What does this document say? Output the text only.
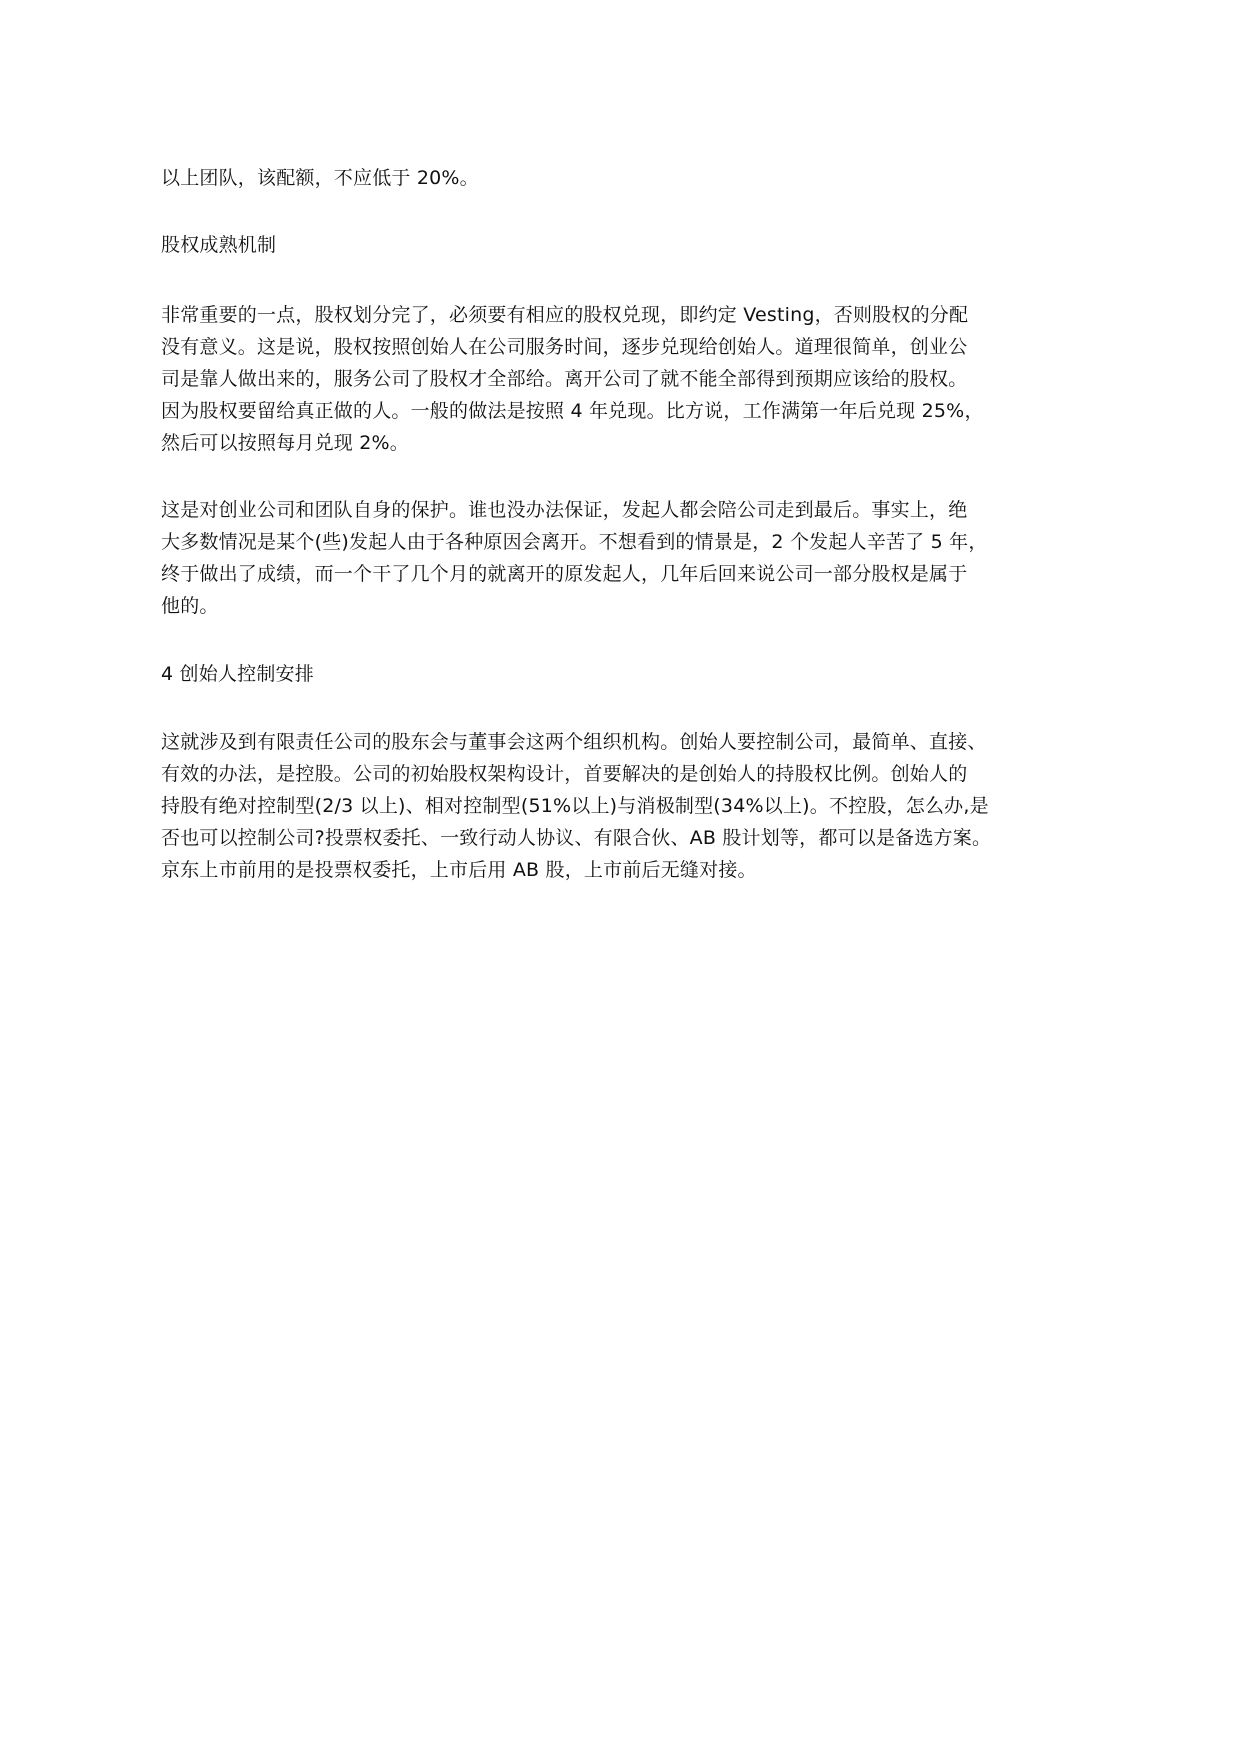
以上团队，该配额，不应低于 20%。

股权成熟机制

非常重要的一点，股权划分完了，必须要有相应的股权兑现，即约定 Vesting，否则股权的分配
没有意义。这是说，股权按照创始人在公司服务时间，逐步兑现给创始人。道理很简单，创业公
司是靠人做出来的，服务公司了股权才全部给。离开公司了就不能全部得到预期应该给的股权。
因为股权要留给真正做的人。一般的做法是按照 4 年兑现。比方说，工作满第一年后兑现 25%，
然后可以按照每月兑现 2%。

这是对创业公司和团队自身的保护。谁也没办法保证，发起人都会陪公司走到最后。事实上，绝
大多数情况是某个(些)发起人由于各种原因会离开。不想看到的情景是，2 个发起人辛苦了 5 年，
终于做出了成绩，而一个干了几个月的就离开的原发起人，几年后回来说公司一部分股权是属于
他的。

4 创始人控制安排

这就涉及到有限责任公司的股东会与董事会这两个组织机构。创始人要控制公司，最简单、直接、
有效的办法，是控股。公司的初始股权架构设计，首要解决的是创始人的持股权比例。创始人的
持股有绝对控制型(2/3 以上)、相对控制型(51%以上)与消极制型(34%以上)。不控股，怎么办,是
否也可以控制公司?投票权委托、一致行动人协议、有限合伙、AB 股计划等，都可以是备选方案。
京东上市前用的是投票权委托，上市后用 AB 股，上市前后无缝对接。
